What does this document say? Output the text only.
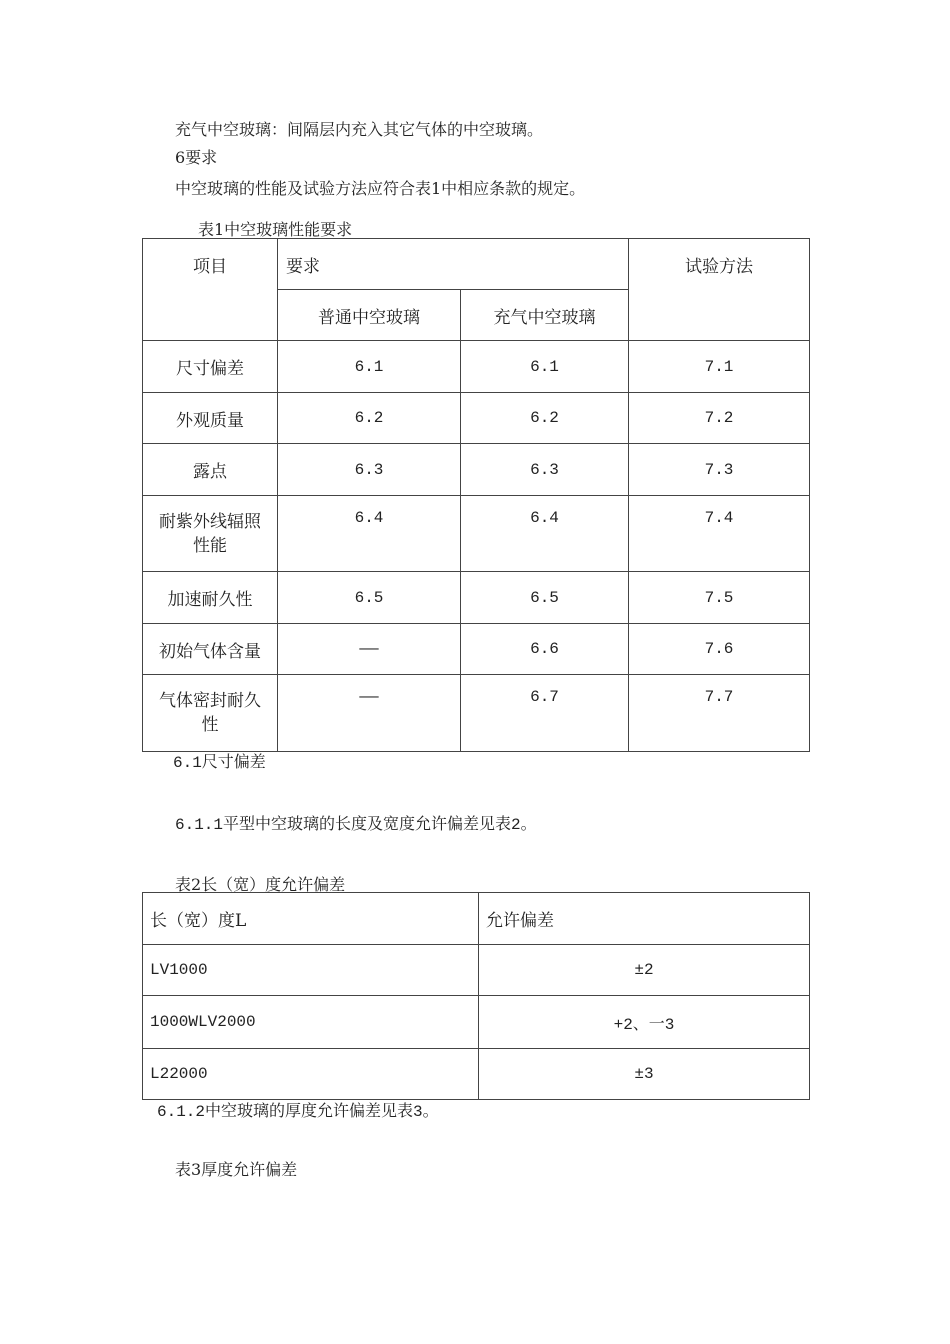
充气中空玻璃：间隔层内充入其它气体的中空玻璃。
6要求
中空玻璃的性能及试验方法应符合表1中相应条款的规定。
表1中空玻璃性能要求
项目	要求		试验方法
	普通中空玻璃	充气中空玻璃	
尺寸偏差	6.1	6.1	7.1
外观质量	6.2	6.2	7.2
露点	6.3	6.3	7.3

耐紫外线辐照
性能	6.4	6.4	7.4
加速耐久性	6.5	6.5	7.5
初始气体含量	——	6.6	7.6

气体密封耐久
性	——	6.7	7.7
6.1尺寸偏差
6.1.1平型中空玻璃的长度及宽度允许偏差见表2。
表2长（宽）度允许偏差
长（宽）度L	允许偏差
LV1000	±2
1000WLV2000	+2、一3
L22000	±3
6.1.2中空玻璃的厚度允许偏差见表3。
表3厚度允许偏差
